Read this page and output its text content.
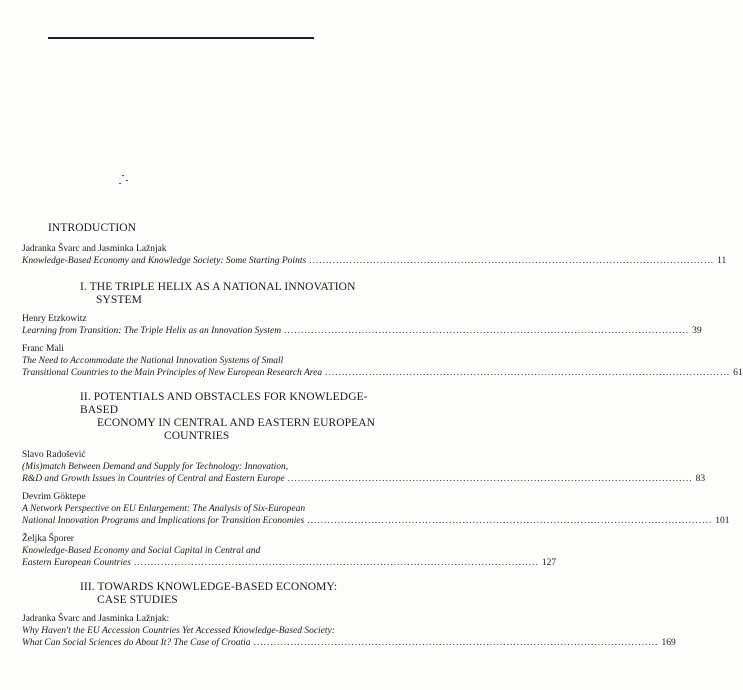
INTRODUCTION
Jadranka Švarc and Jasminka Lažnjak
Knowledge-Based Economy and Knowledge Society: Some Starting Points ........................................................................................................................ 11
I. THE TRIPLE HELIX AS A NATIONAL INNOVATION
SYSTEM
Henry Etzkowitz
Learning from Transition: The Triple Helix as an Innovation System ........................................................................................................................ 39
Franc Mali
The Need to Accommodate the National Innovation Systems of Small
Transitional Countries to the Main Principles of New European Research Area ........................................................................................................................ 61
II. POTENTIALS AND OBSTACLES FOR KNOWLEDGE-BASED
ECONOMY IN CENTRAL AND EASTERN EUROPEAN
COUNTRIES
Slavo Radošević
(Mis)match Between Demand and Supply for Technology: Innovation,
R&D and Growth Issues in Countries of Central and Eastern Europe ........................................................................................................................ 83
Devrim Göktepe
A Network Perspective on EU Enlargement: The Analysis of Six-European
National Innovation Programs and Implications for Transition Economies ........................................................................................................................ 101
Željka Šporer
Knowledge-Based Economy and Social Capital in Central and
Eastern European Countries ........................................................................................................................ 127
III. TOWARDS KNOWLEDGE-BASED ECONOMY:
CASE STUDIES
Jadranka Švarc and Jasminka Lažnjak:
Why Haven't the EU Accession Countries Yet Accessed Knowledge-Based Society:
What Can Social Sciences do About It? The Case of Croatia ........................................................................................................................ 169
